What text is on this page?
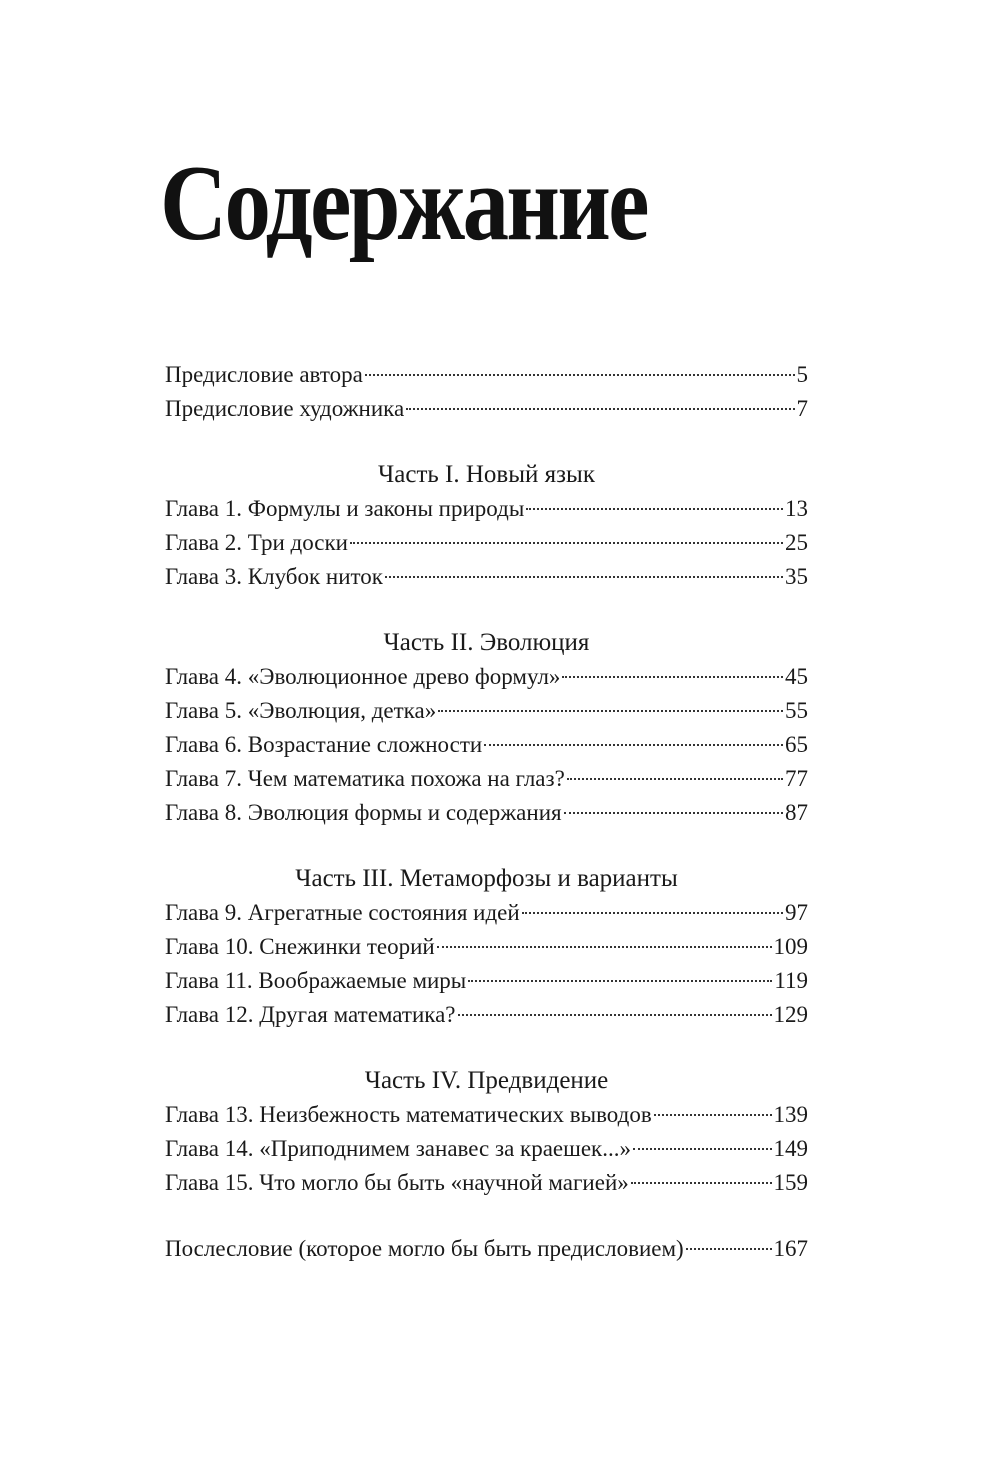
Содержание
Предисловие автора	5
Предисловие художника	7
Часть I. Новый язык
Глава 1. Формулы и законы природы	13
Глава 2. Три доски	25
Глава 3. Клубок ниток	35
Часть II. Эволюция
Глава 4. «Эволюционное древо формул»	45
Глава 5. «Эволюция, детка»	55
Глава 6. Возрастание сложности	65
Глава 7. Чем математика похожа на глаз?	77
Глава 8. Эволюция формы и содержания	87
Часть III. Метаморфозы и варианты
Глава 9. Агрегатные состояния идей	97
Глава 10. Снежинки теорий	109
Глава 11. Воображаемые миры	119
Глава 12. Другая математика?	129
Часть IV. Предвидение
Глава 13. Неизбежность математических выводов	139
Глава 14. «Приподнимем занавес за краешек...»	149
Глава 15. Что могло бы быть «научной магией»	159
Послесловие (которое могло бы быть предисловием)	167
